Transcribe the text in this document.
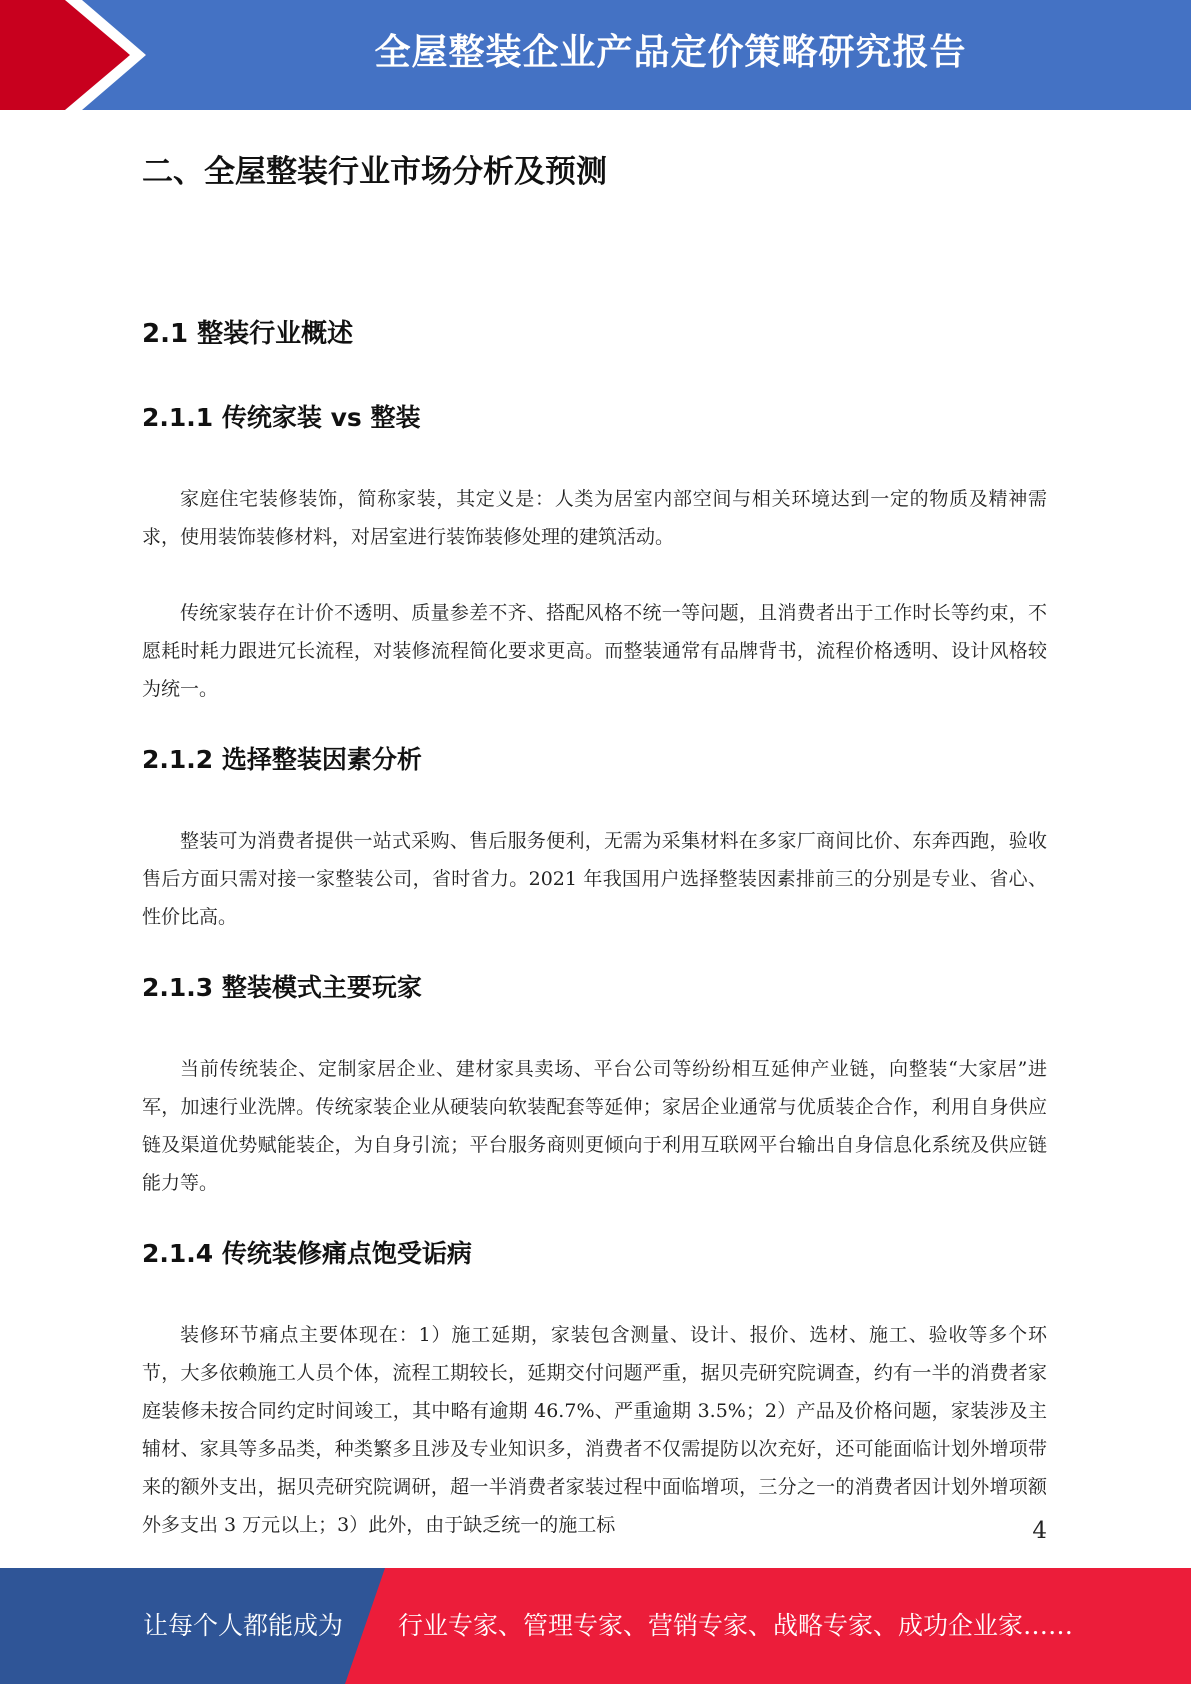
全屋整装企业产品定价策略研究报告
二、全屋整装行业市场分析及预测
2.1 整装行业概述
2.1.1 传统家装 vs 整装

家庭住宅装修装饰，简称家装，其定义是：人类为居室内部空间与相关环境达到一定的物质及精神需求，使用装饰装修材料，对居室进行装饰装修处理的建筑活动。

传统家装存在计价不透明、质量参差不齐、搭配风格不统一等问题，且消费者出于工作时长等约束，不愿耗时耗力跟进冗长流程，对装修流程简化要求更高。而整装通常有品牌背书，流程价格透明、设计风格较为统一。

2.1.2 选择整装因素分析

整装可为消费者提供一站式采购、售后服务便利，无需为采集材料在多家厂商间比价、东奔西跑，验收售后方面只需对接一家整装公司，省时省力。2021 年我国用户选择整装因素排前三的分别是专业、省心、性价比高。

2.1.3 整装模式主要玩家

当前传统装企、定制家居企业、建材家具卖场、平台公司等纷纷相互延伸产业链，向整装“大家居”进军，加速行业洗牌。传统家装企业从硬装向软装配套等延伸；家居企业通常与优质装企合作，利用自身供应链及渠道优势赋能装企，为自身引流；平台服务商则更倾向于利用互联网平台输出自身信息化系统及供应链能力等。

2.1.4 传统装修痛点饱受诟病

装修环节痛点主要体现在：1）施工延期，家装包含测量、设计、报价、选材、施工、验收等多个环节，大多依赖施工人员个体，流程工期较长，延期交付问题严重，据贝壳研究院调查，约有一半的消费者家庭装修未按合同约定时间竣工，其中略有逾期 46.7%、严重逾期 3.5%；2）产品及价格问题，家装涉及主辅材、家具等多品类，种类繁多且涉及专业知识多，消费者不仅需提防以次充好，还可能面临计划外增项带来的额外支出，据贝壳研究院调研，超一半消费者家装过程中面临增项，三分之一的消费者因计划外增项额外多支出 3 万元以上；3）此外，由于缺乏统一的施工标	4
让每个人都能成为 行业专家、管理专家、营销专家、战略专家、成功企业家……
